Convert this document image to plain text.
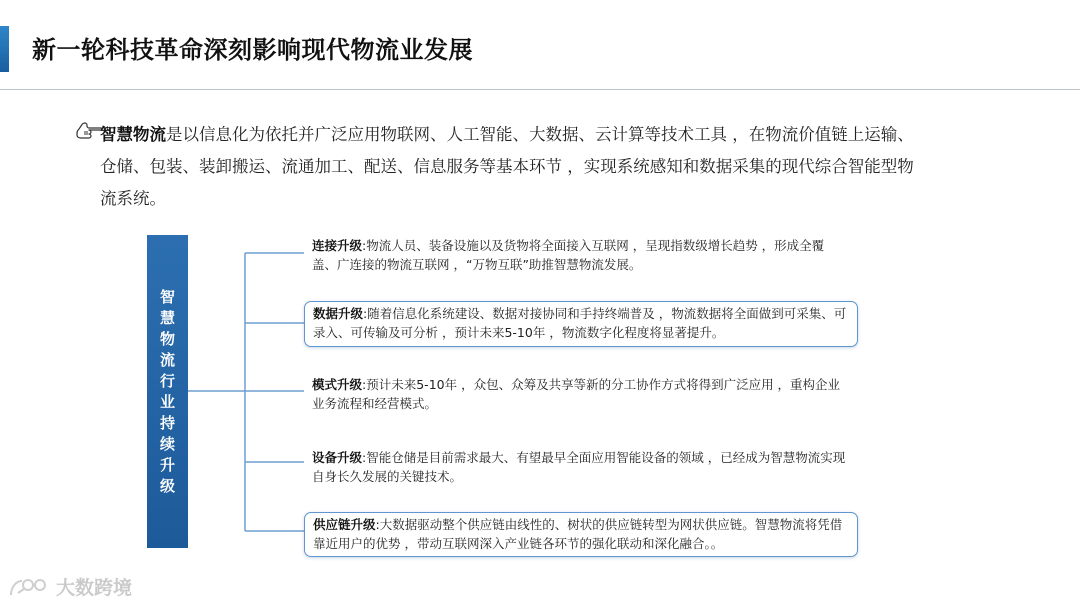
新一轮科技革命深刻影响现代物流业发展
智慧物流是以信息化为依托并广泛应用物联网、人工智能、大数据、云计算等技术工具 ，在物流价值链上运输、仓储、包装、装卸搬运、流通加工、配送、信息服务等基本环节 ，实现系统感知和数据采集的现代综合智能型物流系统。
智慧物流行业持续升级
连接升级:物流人员、装备设施以及货物将全面接入互联网 ，呈现指数级增长趋势 ，形成全覆盖、广连接的物流互联网 ，“万物互联”助推智慧物流发展。
数据升级:随着信息化系统建设、数据对接协同和手持终端普及 ，物流数据将全面做到可采集、可录入、可传输及可分析 ，预计未来5-10年 ，物流数字化程度将显著提升。
模式升级:预计未来5-10年 ，众包、众筹及共享等新的分工协作方式将得到广泛应用 ，重构企业业务流程和经营模式。
设备升级:智能仓储是目前需求最大、有望最早全面应用智能设备的领域 ，已经成为智慧物流实现自身长久发展的关键技术。
供应链升级:大数据驱动整个供应链由线性的、树状的供应链转型为网状供应链。智慧物流将凭借靠近用户的优势 ，带动互联网深入产业链各环节的强化联动和深化融合。。
大数跨境
